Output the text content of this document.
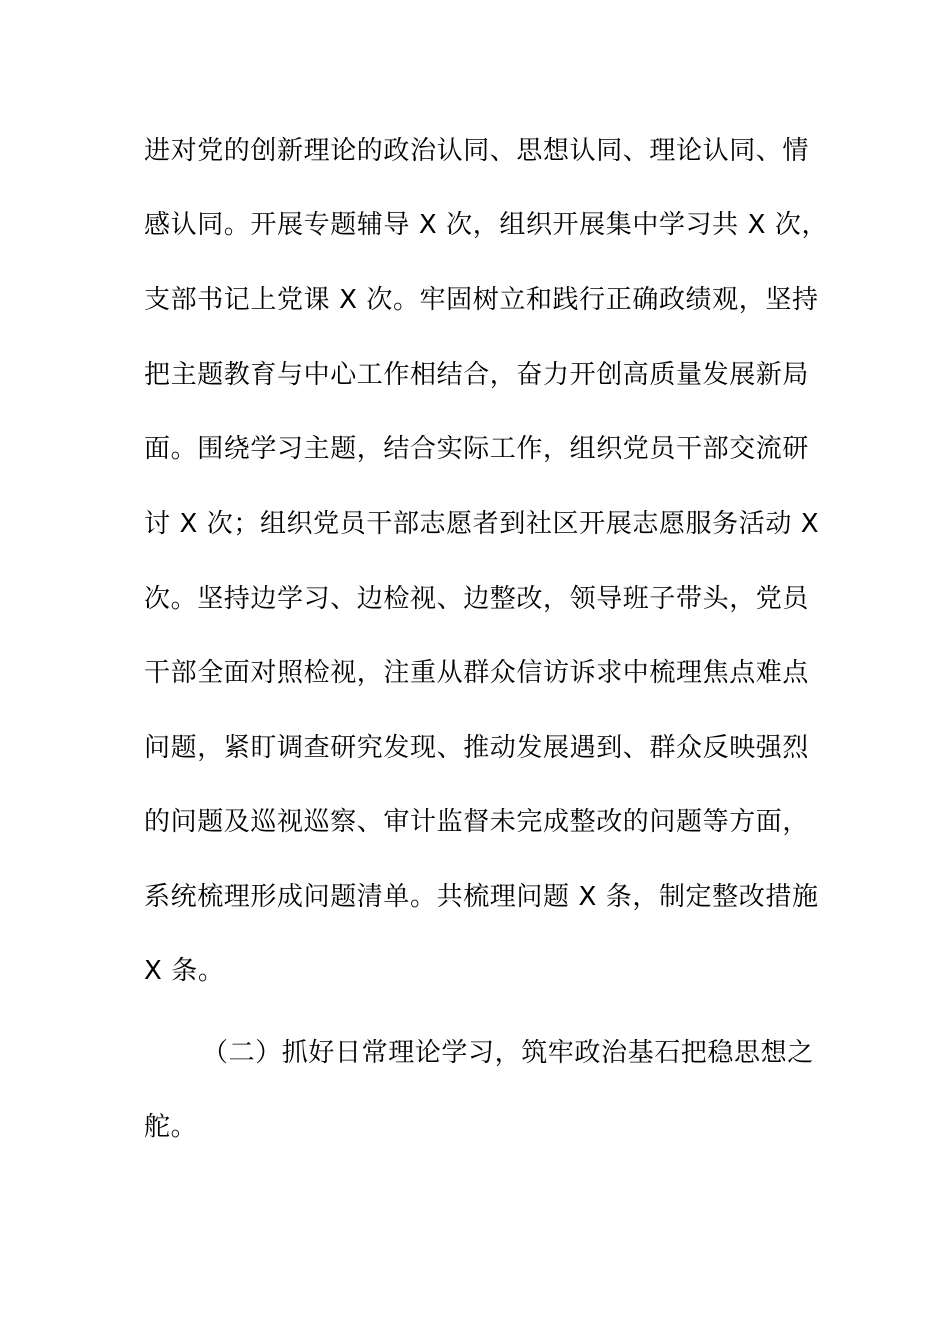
进对党的创新理论的政治认同、思想认同、理论认同、情
感认同。开展专题辅导 X 次，组织开展集中学习共 X 次，
支部书记上党课 X 次。牢固树立和践行正确政绩观，坚持
把主题教育与中心工作相结合，奋力开创高质量发展新局
面。围绕学习主题，结合实际工作，组织党员干部交流研
讨 X 次；组织党员干部志愿者到社区开展志愿服务活动 X
次。坚持边学习、边检视、边整改，领导班子带头，党员
干部全面对照检视，注重从群众信访诉求中梳理焦点难点
问题，紧盯调查研究发现、推动发展遇到、群众反映强烈
的问题及巡视巡察、审计监督未完成整改的问题等方面，
系统梳理形成问题清单。共梳理问题 X 条，制定整改措施
X 条。
（二）抓好日常理论学习，筑牢政治基石把稳思想之
舵。
